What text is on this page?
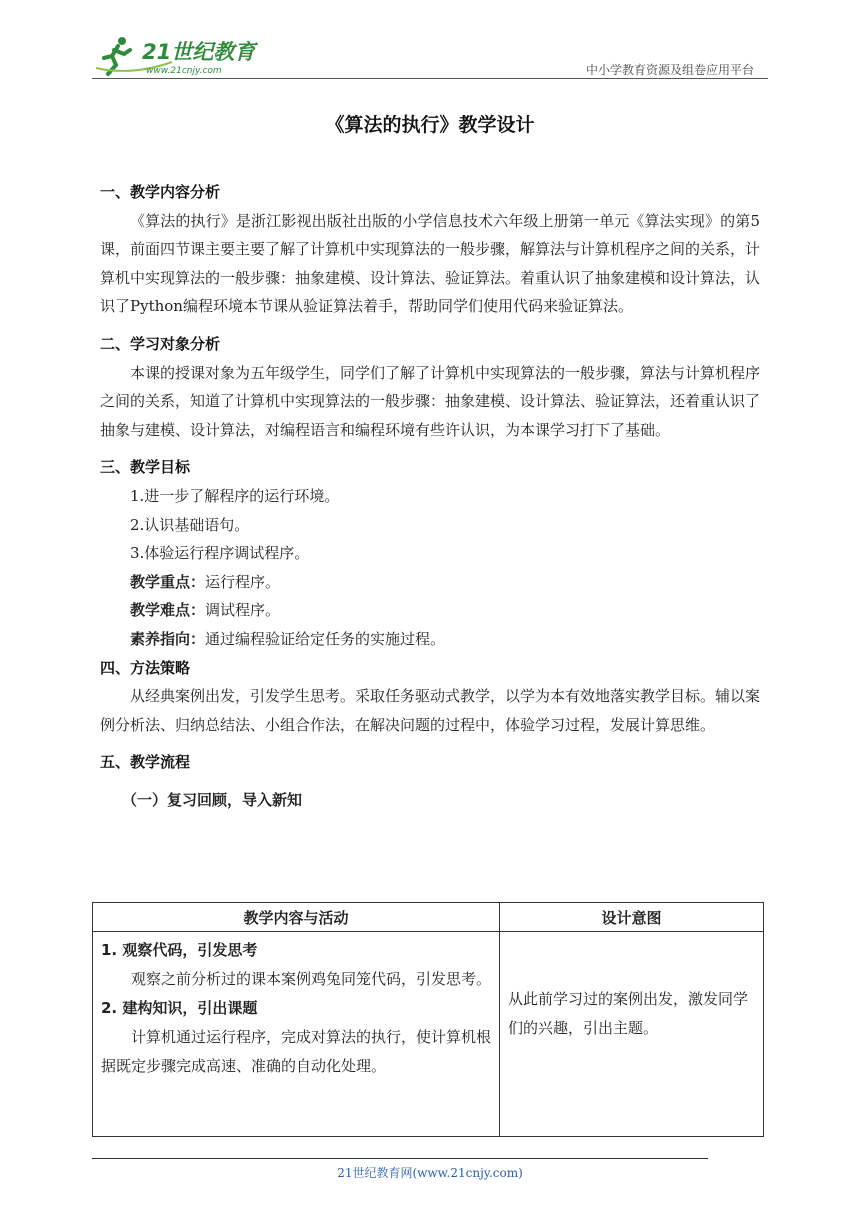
21世纪教育
www.21cnjy.com	中小学教育资源及组卷应用平台
《算法的执行》教学设计
一、教学内容分析
《算法的执行》是浙江影视出版社出版的小学信息技术六年级上册第一单元《算法实现》的第5课，前面四节课主要主要了解了计算机中实现算法的一般步骤，解算法与计算机程序之间的关系，计算机中实现算法的一般步骤：抽象建模、设计算法、验证算法。着重认识了抽象建模和设计算法，认识了Python编程环境本节课从验证算法着手，帮助同学们使用代码来验证算法。
二、学习对象分析
本课的授课对象为五年级学生，同学们了解了计算机中实现算法的一般步骤，算法与计算机程序之间的关系，知道了计算机中实现算法的一般步骤：抽象建模、设计算法、验证算法，还着重认识了抽象与建模、设计算法，对编程语言和编程环境有些许认识，为本课学习打下了基础。
三、教学目标
1.进一步了解程序的运行环境。
2.认识基础语句。
3.体验运行程序调试程序。
教学重点：运行程序。
教学难点：调试程序。
素养指向：通过编程验证给定任务的实施过程。
四、方法策略
从经典案例出发，引发学生思考。采取任务驱动式教学，以学为本有效地落实教学目标。辅以案例分析法、归纳总结法、小组合作法，在解决问题的过程中，体验学习过程，发展计算思维。
五、教学流程
（一）复习回顾，导入新知
教学内容与活动	设计意图

1. 观察代码，引发思考
观察之前分析过的课本案例鸡兔同笼代码，引发思考。
2. 建构知识，引出课题
计算机通过运行程序，完成对算法的执行，使计算机根据既定步骤完成高速、准确的自动化处理。	从此前学习过的案例出发，激发同学们的兴趣，引出主题。
21世纪教育网(www.21cnjy.com)
